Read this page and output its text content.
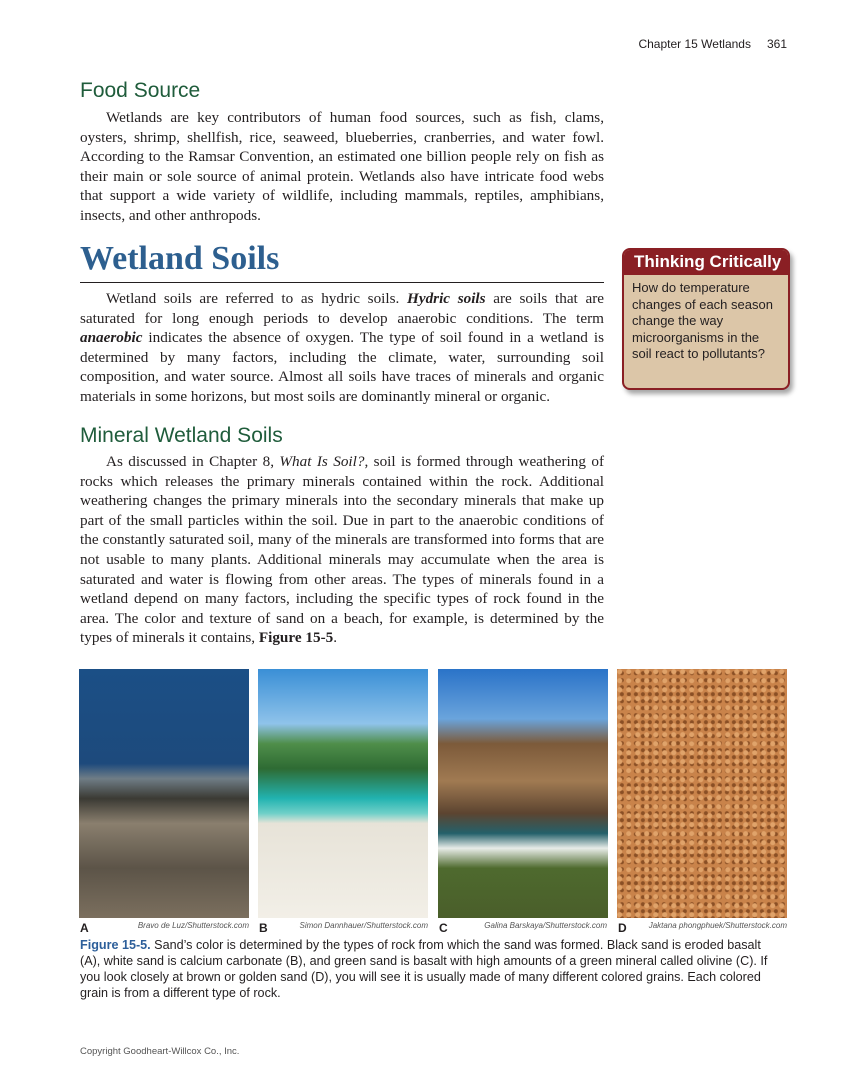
Chapter 15 Wetlands 361
Food Source

Wetlands are key contributors of human food sources, such as fish, clams, oysters, shrimp, shellfish, rice, seaweed, blueberries, cranberries, and water fowl. According to the Ramsar Convention, an estimated one billion people rely on fish as their main or sole source of animal protein. Wetlands also have intricate food webs that support a wide variety of wildlife, including mammals, reptiles, amphibians, insects, and other anthropods.

Wetland Soils

Wetland soils are referred to as hydric soils. Hydric soils are soils that are saturated for long enough periods to develop anaerobic conditions. The term anaerobic indicates the absence of oxygen. The type of soil found in a wetland is determined by many factors, including the climate, water, surrounding soil composition, and water source. Almost all soils have traces of minerals and organic materials in some horizons, but most soils are dominantly mineral or organic.

Mineral Wetland Soils

As discussed in Chapter 8, What Is Soil?, soil is formed through weathering of rocks which releases the primary minerals contained within the rock. Additional weathering changes the primary minerals into the secondary minerals that make up part of the small particles within the soil. Due in part to the anaerobic conditions of the constantly saturated soil, many of the minerals are transformed into forms that are not usable to many plants. Additional minerals may accumulate when the area is saturated and water is flowing from other areas. The types of minerals found in a wetland depend on many factors, including the specific types of rock found in the area. The color and texture of sand on a beach, for example, is determined by the types of minerals it contains, Figure 15-5.

Thinking Critically
How do temperature changes of each season change the way microorganisms in the soil react to pollutants?
A	Bravo de Luz/Shutterstock.com B	Simon Dannhauer/Shutterstock.com C	Galina Barskaya/Shutterstock.com D	Jaktana phongphuek/Shutterstock.com
Figure 15-5. Sand’s color is determined by the types of rock from which the sand was formed. Black sand is eroded basalt (A), white sand is calcium carbonate (B), and green sand is basalt with high amounts of a green mineral called olivine (C). If you look closely at brown or golden sand (D), you will see it is usually made of many different colored grains. Each colored grain is from a different type of rock.
Copyright Goodheart-Willcox Co., Inc.
